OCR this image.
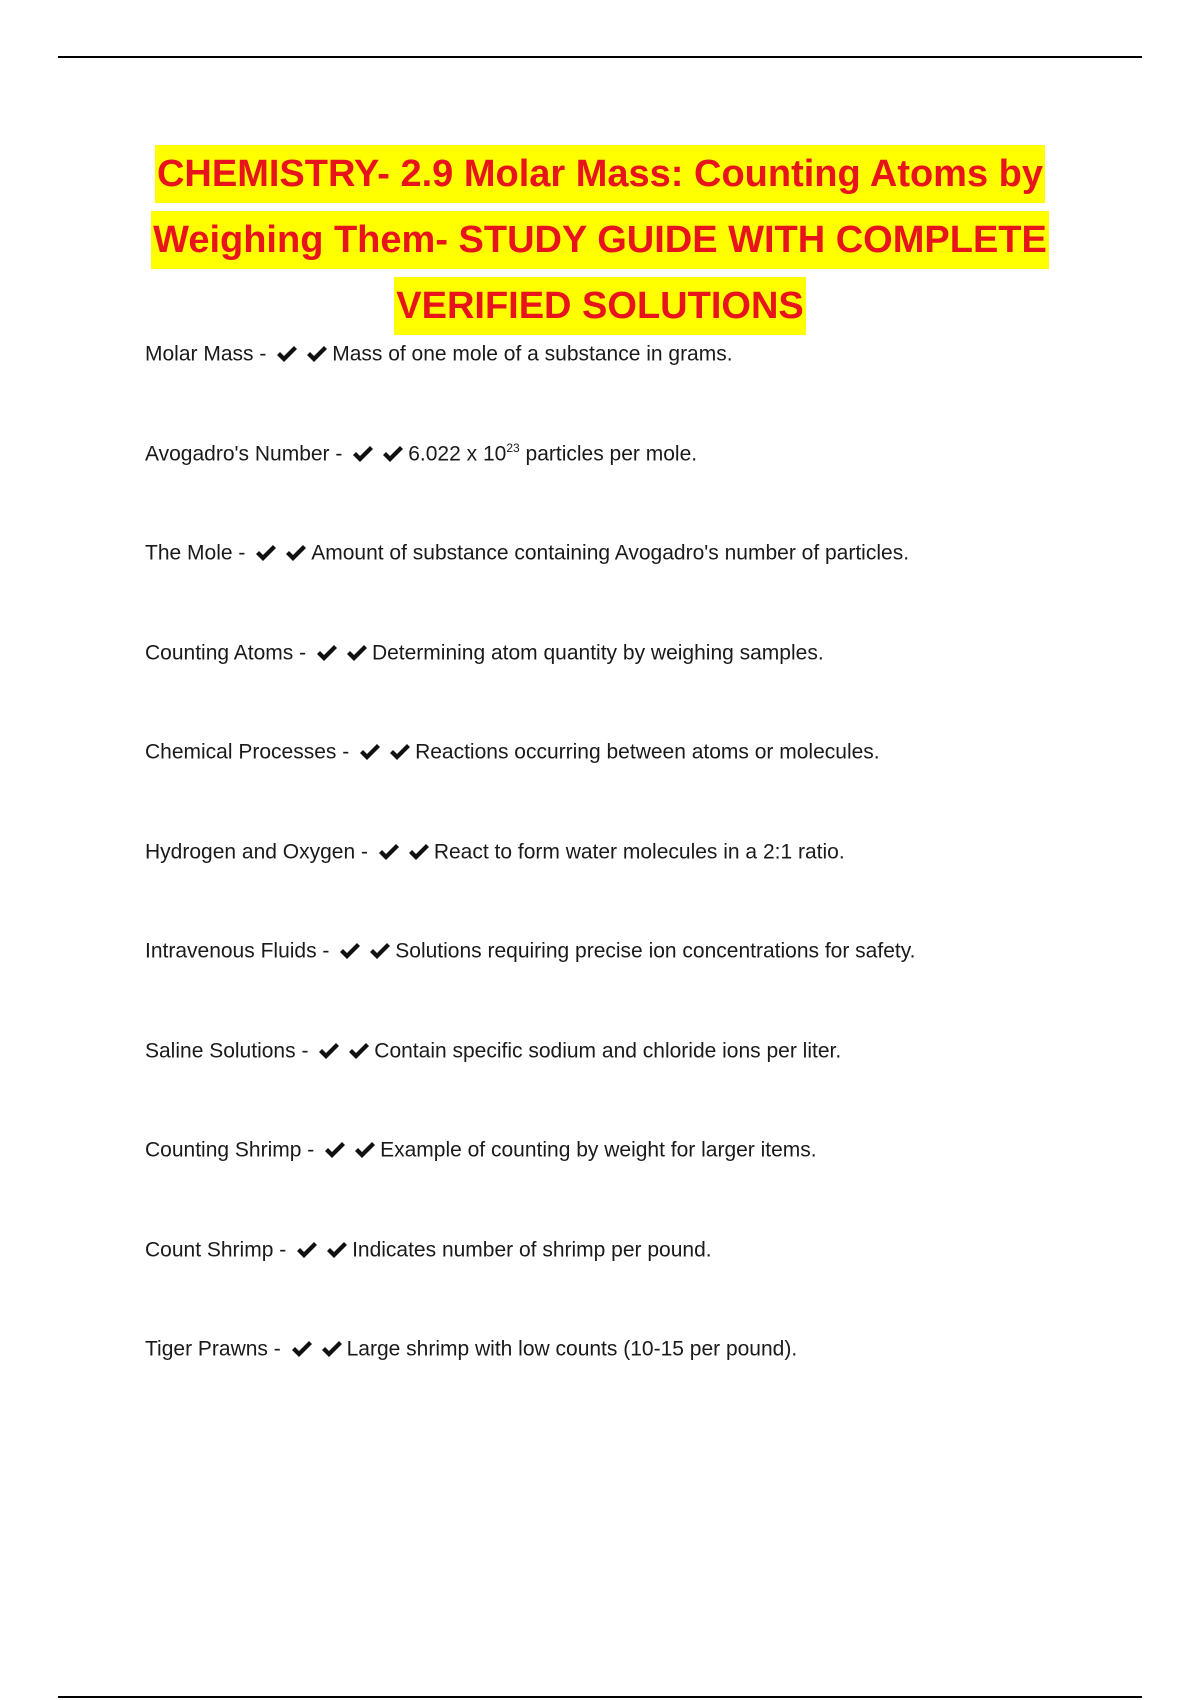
CHEMISTRY- 2.9 Molar Mass: Counting Atoms by
Weighing Them- STUDY GUIDE WITH COMPLETE
VERIFIED SOLUTIONS
Molar Mass -	Mass of one mole of a substance in grams.
Avogadro's Number -	6.022 x $10^{23}$ particles per mole.
The Mole -	Amount of substance containing Avogadro's number of particles.
Counting Atoms -	Determining atom quantity by weighing samples.
Chemical Processes -	Reactions occurring between atoms or molecules.
Hydrogen and Oxygen -	React to form water molecules in a 2:1 ratio.
Intravenous Fluids -	Solutions requiring precise ion concentrations for safety.
Saline Solutions -	Contain specific sodium and chloride ions per liter.
Counting Shrimp -	Example of counting by weight for larger items.
Count Shrimp -	Indicates number of shrimp per pound.
Tiger Prawns -	Large shrimp with low counts (10-15 per pound).
